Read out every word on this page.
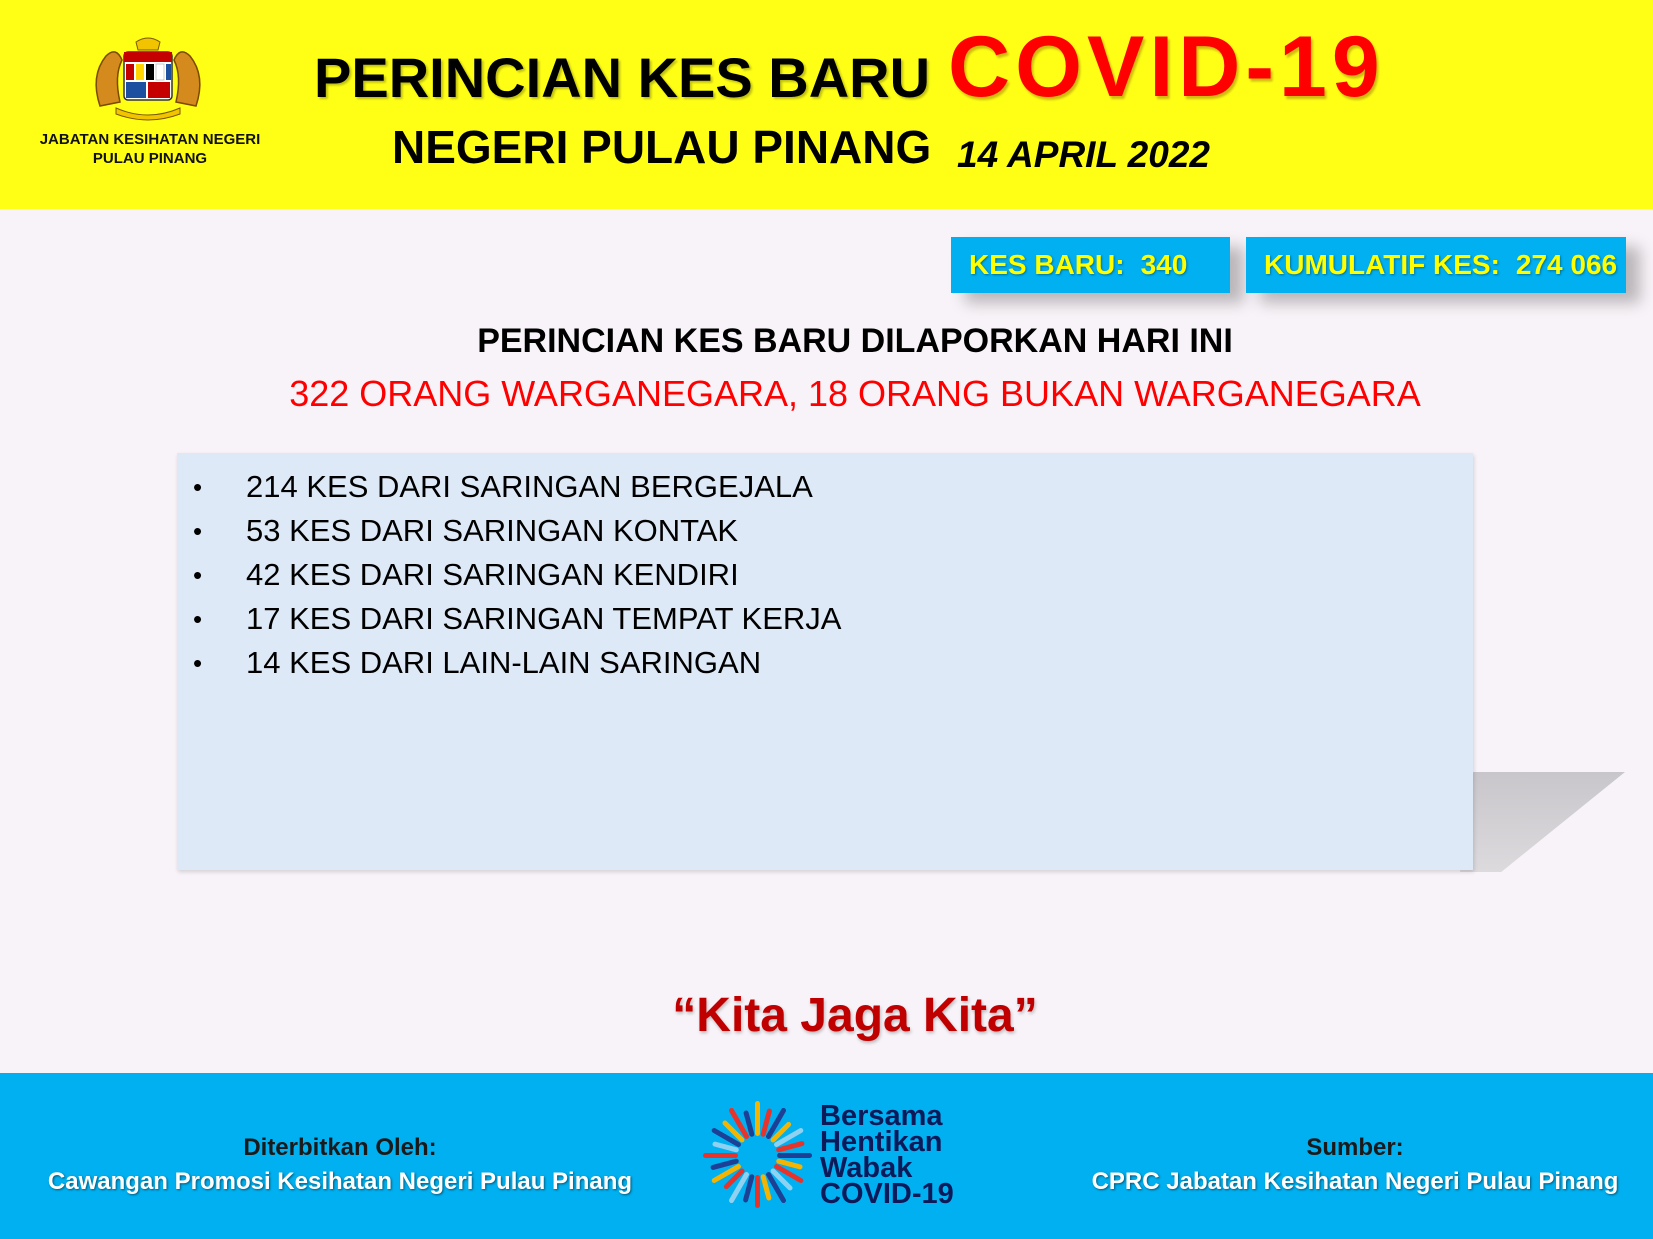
JABATAN KESIHATAN NEGERI
PULAU PINANG
PERINCIAN KES BARU COVID-19
NEGERI PULAU PINANG 14 APRIL 2022
KES BARU: 340	KUMULATIF KES: 274 066
PERINCIAN KES BARU DILAPORKAN HARI INI
322 ORANG WARGANEGARA, 18 ORANG BUKAN WARGANEGARA
• 214 KES DARI SARINGAN BERGEJALA
• 53 KES DARI SARINGAN KONTAK
• 42 KES DARI SARINGAN KENDIRI
• 17 KES DARI SARINGAN TEMPAT KERJA
• 14 KES DARI LAIN-LAIN SARINGAN
“Kita Jaga Kita”
Diterbitkan Oleh:
Cawangan Promosi Kesihatan Negeri Pulau Pinang
Bersama
Hentikan
Wabak
COVID-19
Sumber:
CPRC Jabatan Kesihatan Negeri Pulau Pinang
